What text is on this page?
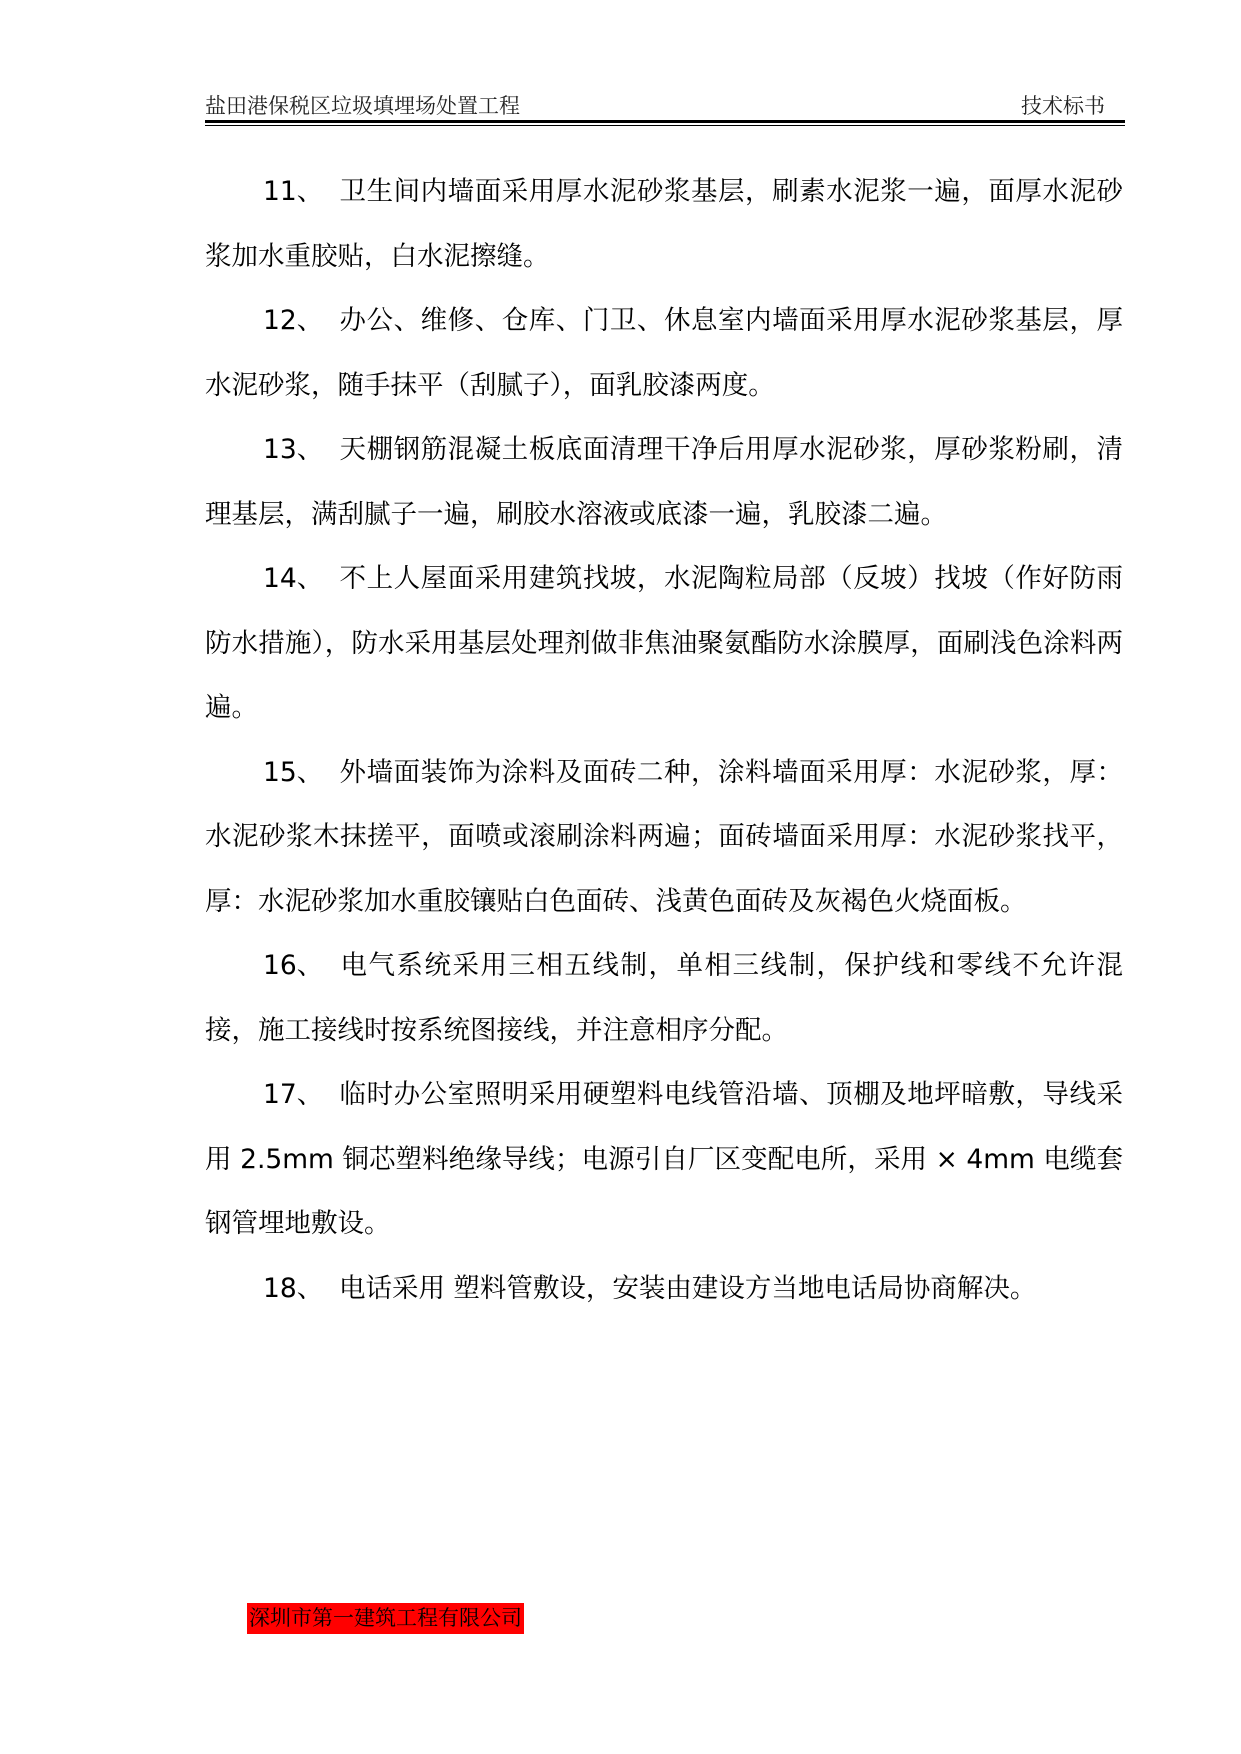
盐田港保税区垃圾填埋场处置工程	技术标书

11、 卫生间内墙面采用厚水泥砂浆基层，刷素水泥浆一遍，面厚水泥砂浆加水重胶贴，白水泥擦缝。

12、 办公、维修、仓库、门卫、休息室内墙面采用厚水泥砂浆基层，厚水泥砂浆，随手抹平（刮腻子），面乳胶漆两度。

13、 天棚钢筋混凝土板底面清理干净后用厚水泥砂浆，厚砂浆粉刷，清理基层，满刮腻子一遍，刷胶水溶液或底漆一遍，乳胶漆二遍。

14、 不上人屋面采用建筑找坡，水泥陶粒局部（反坡）找坡（作好防雨防水措施），防水采用基层处理剂做非焦油聚氨酯防水涂膜厚，面刷浅色涂料两遍。

15、 外墙面装饰为涂料及面砖二种，涂料墙面采用厚：水泥砂浆，厚：水泥砂浆木抹搓平，面喷或滚刷涂料两遍；面砖墙面采用厚：水泥砂浆找平，厚：水泥砂浆加水重胶镶贴白色面砖、浅黄色面砖及灰褐色火烧面板。

16、 电气系统采用三相五线制，单相三线制，保护线和零线不允许混接，施工接线时按系统图接线，并注意相序分配。

17、 临时办公室照明采用硬塑料电线管沿墙、顶棚及地坪暗敷，导线采用 2.5mm 铜芯塑料绝缘导线；电源引自厂区变配电所，采用 × 4mm 电缆套钢管埋地敷设。

18、 电话采用 塑料管敷设，安装由建设方当地电话局协商解决。

深圳市第一建筑工程有限公司
